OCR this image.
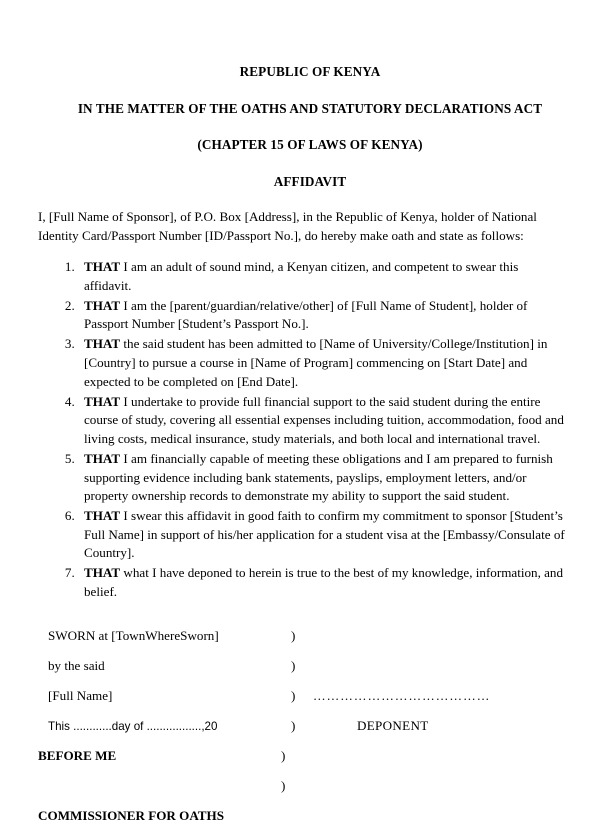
REPUBLIC OF KENYA
IN THE MATTER OF THE OATHS AND STATUTORY DECLARATIONS ACT
(CHAPTER 15 OF LAWS OF KENYA)
AFFIDAVIT

I, [Full Name of Sponsor], of P.O. Box [Address], in the Republic of Kenya, holder of National Identity Card/Passport Number [ID/Passport No.], do hereby make oath and state as follows:

1. THAT I am an adult of sound mind, a Kenyan citizen, and competent to swear this affidavit.
2. THAT I am the [parent/guardian/relative/other] of [Full Name of Student], holder of Passport Number [Student’s Passport No.].
3. THAT the said student has been admitted to [Name of University/College/Institution] in [Country] to pursue a course in [Name of Program] commencing on [Start Date] and expected to be completed on [End Date].
4. THAT I undertake to provide full financial support to the said student during the entire course of study, covering all essential expenses including tuition, accommodation, food and living costs, medical insurance, study materials, and both local and international travel.
5. THAT I am financially capable of meeting these obligations and I am prepared to furnish supporting evidence including bank statements, payslips, employment letters, and/or property ownership records to demonstrate my ability to support the said student.
6. THAT I swear this affidavit in good faith to confirm my commitment to sponsor [Student’s Full Name] in support of his/her application for a student visa at the [Embassy/Consulate of Country].
7. THAT what I have deponed to herein is true to the best of my knowledge, information, and belief.
SWORN at [TownWhereSworn]	)
by the said	)
[Full Name]	)	…………………………………
This ............day of .................,20	)	DEPONENT
BEFORE ME	)
)
COMMISSIONER FOR OATHS
